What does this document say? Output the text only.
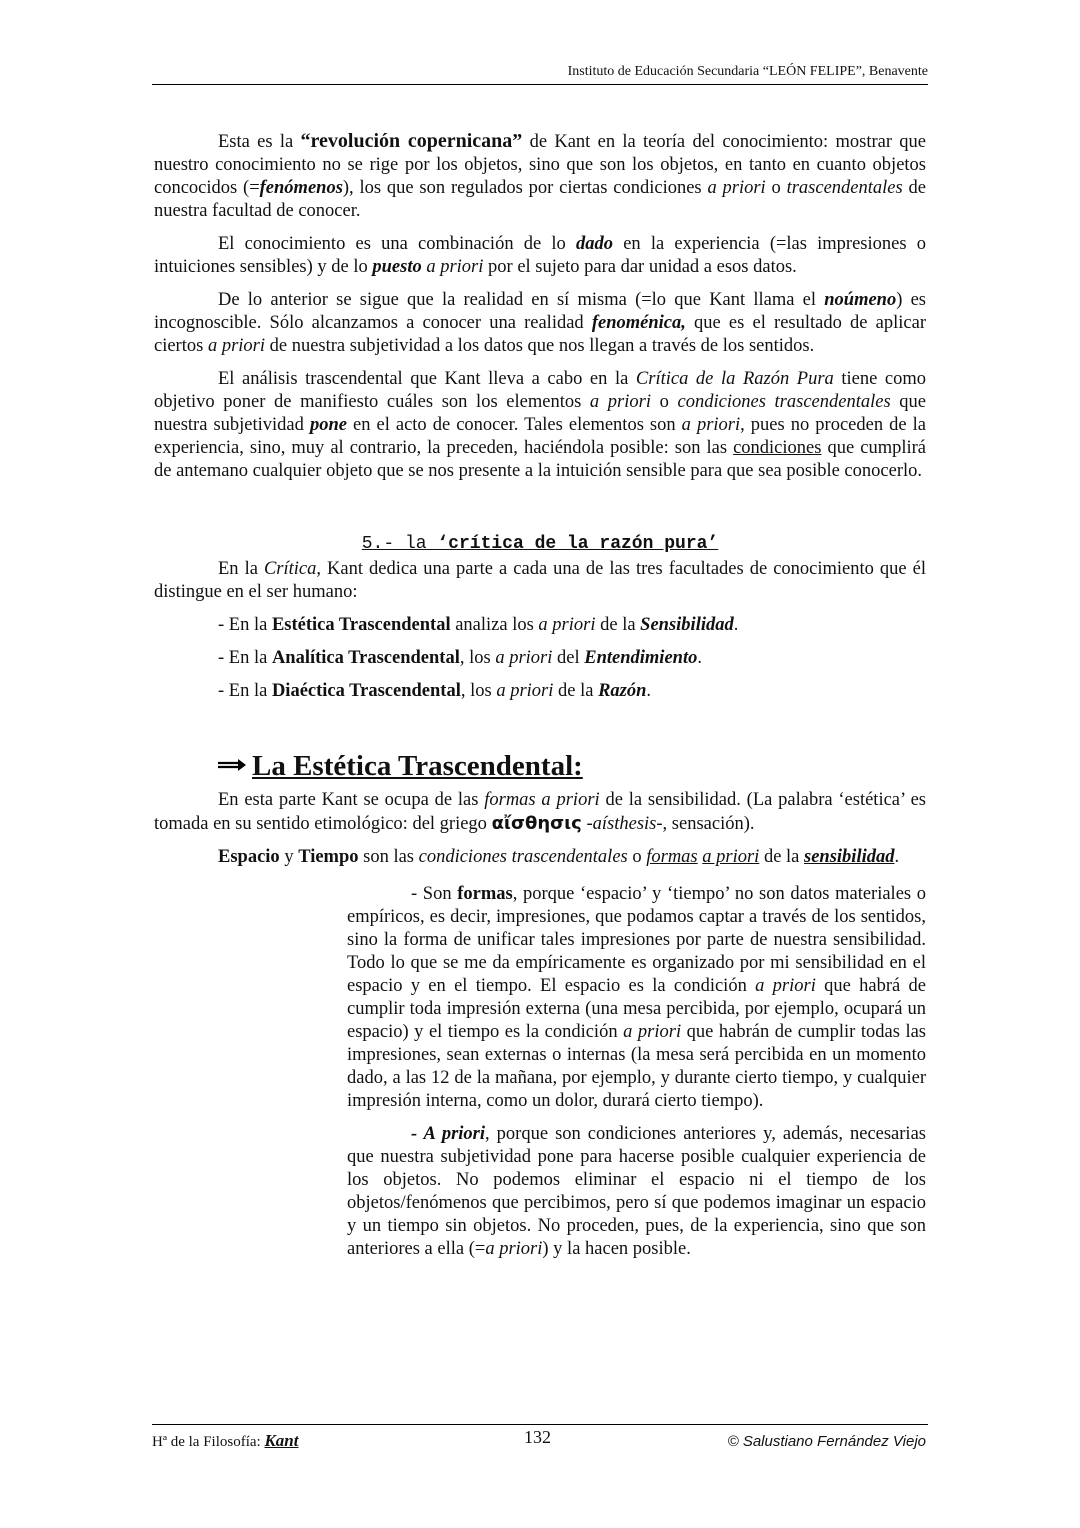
Instituto de Educación Secundaria “LEÓN FELIPE”, Benavente

Esta es la “revolución copernicana” de Kant en la teoría del conocimiento: mostrar que nuestro conocimiento no se rige por los objetos, sino que son los objetos, en tanto en cuanto objetos concocidos (=fenómenos), los que son regulados por ciertas condiciones a priori o trascendentales de nuestra facultad de conocer.

El conocimiento es una combinación de lo dado en la experiencia (=las impresiones o intuiciones sensibles) y de lo puesto a priori por el sujeto para dar unidad a esos datos.

De lo anterior se sigue que la realidad en sí misma (=lo que Kant llama el noúmeno) es incognoscible. Sólo alcanzamos a conocer una realidad fenoménica, que es el resultado de aplicar ciertos a priori de nuestra subjetividad a los datos que nos llegan a través de los sentidos.

El análisis trascendental que Kant lleva a cabo en la Crítica de la Razón Pura tiene como objetivo poner de manifiesto cuáles son los elementos a priori o condiciones trascendentales que nuestra subjetividad pone en el acto de conocer. Tales elementos son a priori, pues no proceden de la experiencia, sino, muy al contrario, la preceden, haciéndola posible: son las condiciones que cumplirá de antemano cualquier objeto que se nos presente a la intuición sensible para que sea posible conocerlo.

5.- la ‘crítica de la razón pura’

En la Crítica, Kant dedica una parte a cada una de las tres facultades de conocimiento que él distingue en el ser humano:

- En la Estética Trascendental analiza los a priori de la Sensibilidad.

- En la Analítica Trascendental, los a priori del Entendimiento.

- En la Diaéctica Trascendental, los a priori de la Razón.

La Estética Trascendental:

En esta parte Kant se ocupa de las formas a priori de la sensibilidad. (La palabra ‘estética’ es tomada en su sentido etimológico: del griego αἴσθησις -aísthesis-, sensación).

Espacio y Tiempo son las condiciones trascendentales o formas a priori de la sensibilidad.

- Son formas, porque ‘espacio’ y ‘tiempo’ no son datos materiales o empíricos, es decir, impresiones, que podamos captar a través de los sentidos, sino la forma de unificar tales impresiones por parte de nuestra sensibilidad. Todo lo que se me da empíricamente es organizado por mi sensibilidad en el espacio y en el tiempo. El espacio es la condición a priori que habrá de cumplir toda impresión externa (una mesa percibida, por ejemplo, ocupará un espacio) y el tiempo es la condición a priori que habrán de cumplir todas las impresiones, sean externas o internas (la mesa será percibida en un momento dado, a las 12 de la mañana, por ejemplo, y durante cierto tiempo, y cualquier impresión interna, como un dolor, durará cierto tiempo).

- A priori, porque son condiciones anteriores y, además, necesarias que nuestra subjetividad pone para hacerse posible cualquier experiencia de los objetos. No podemos eliminar el espacio ni el tiempo de los objetos/fenómenos que percibimos, pero sí que podemos imaginar un espacio y un tiempo sin objetos. No proceden, pues, de la experiencia, sino que son anteriores a ella (=a priori) y la hacen posible.

Hª de la Filosofía: Kant	132	© Salustiano Fernández Viejo
